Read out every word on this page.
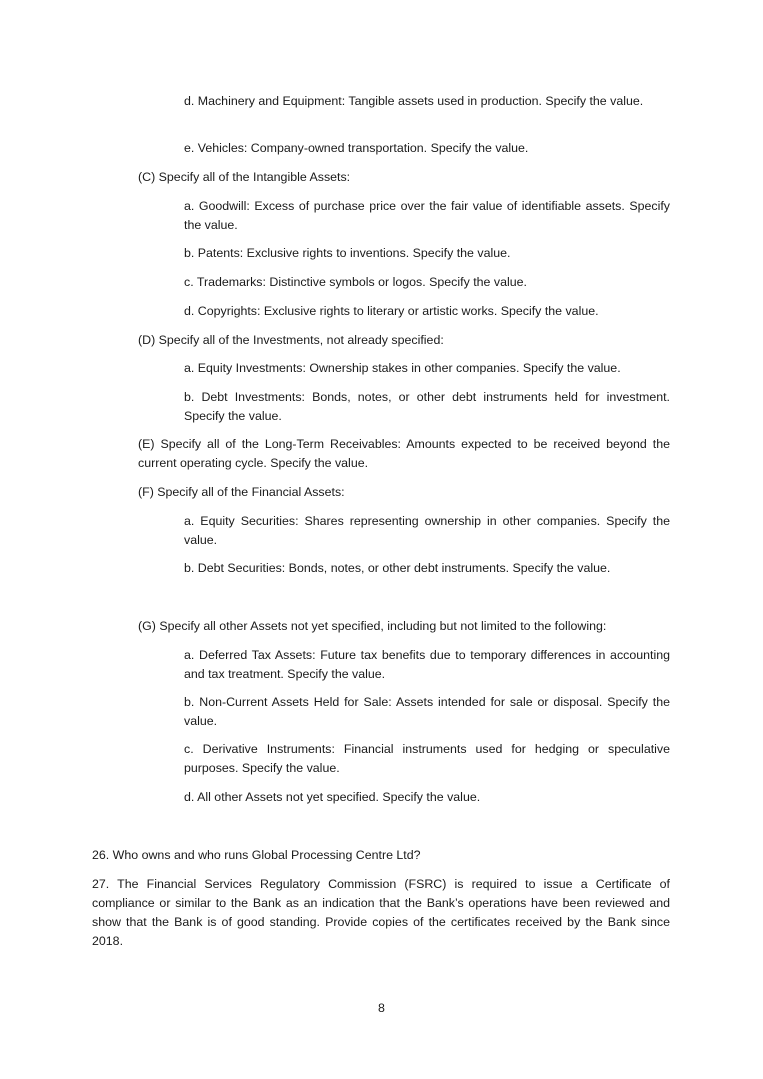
d. Machinery and Equipment: Tangible assets used in production. Specify the value.

e. Vehicles: Company-owned transportation. Specify the value.

(C) Specify all of the Intangible Assets:

a. Goodwill: Excess of purchase price over the fair value of identifiable assets. Specify the value.

b. Patents: Exclusive rights to inventions. Specify the value.

c. Trademarks: Distinctive symbols or logos. Specify the value.

d. Copyrights: Exclusive rights to literary or artistic works. Specify the value.

(D) Specify all of the Investments, not already specified:

a. Equity Investments: Ownership stakes in other companies. Specify the value.

b. Debt Investments: Bonds, notes, or other debt instruments held for investment. Specify the value.

(E) Specify all of the Long-Term Receivables: Amounts expected to be received beyond the current operating cycle. Specify the value.

(F) Specify all of the Financial Assets:

a. Equity Securities: Shares representing ownership in other companies. Specify the value.

b. Debt Securities: Bonds, notes, or other debt instruments. Specify the value.

(G) Specify all other Assets not yet specified, including but not limited to the following:

a. Deferred Tax Assets: Future tax benefits due to temporary differences in accounting and tax treatment. Specify the value.

b. Non-Current Assets Held for Sale: Assets intended for sale or disposal. Specify the value.

c. Derivative Instruments: Financial instruments used for hedging or speculative purposes. Specify the value.

d. All other Assets not yet specified. Specify the value.

26. Who owns and who runs Global Processing Centre Ltd?

27. The Financial Services Regulatory Commission (FSRC) is required to issue a Certificate of compliance or similar to the Bank as an indication that the Bank’s operations have been reviewed and show that the Bank is of good standing. Provide copies of the certificates received by the Bank since 2018.

8
